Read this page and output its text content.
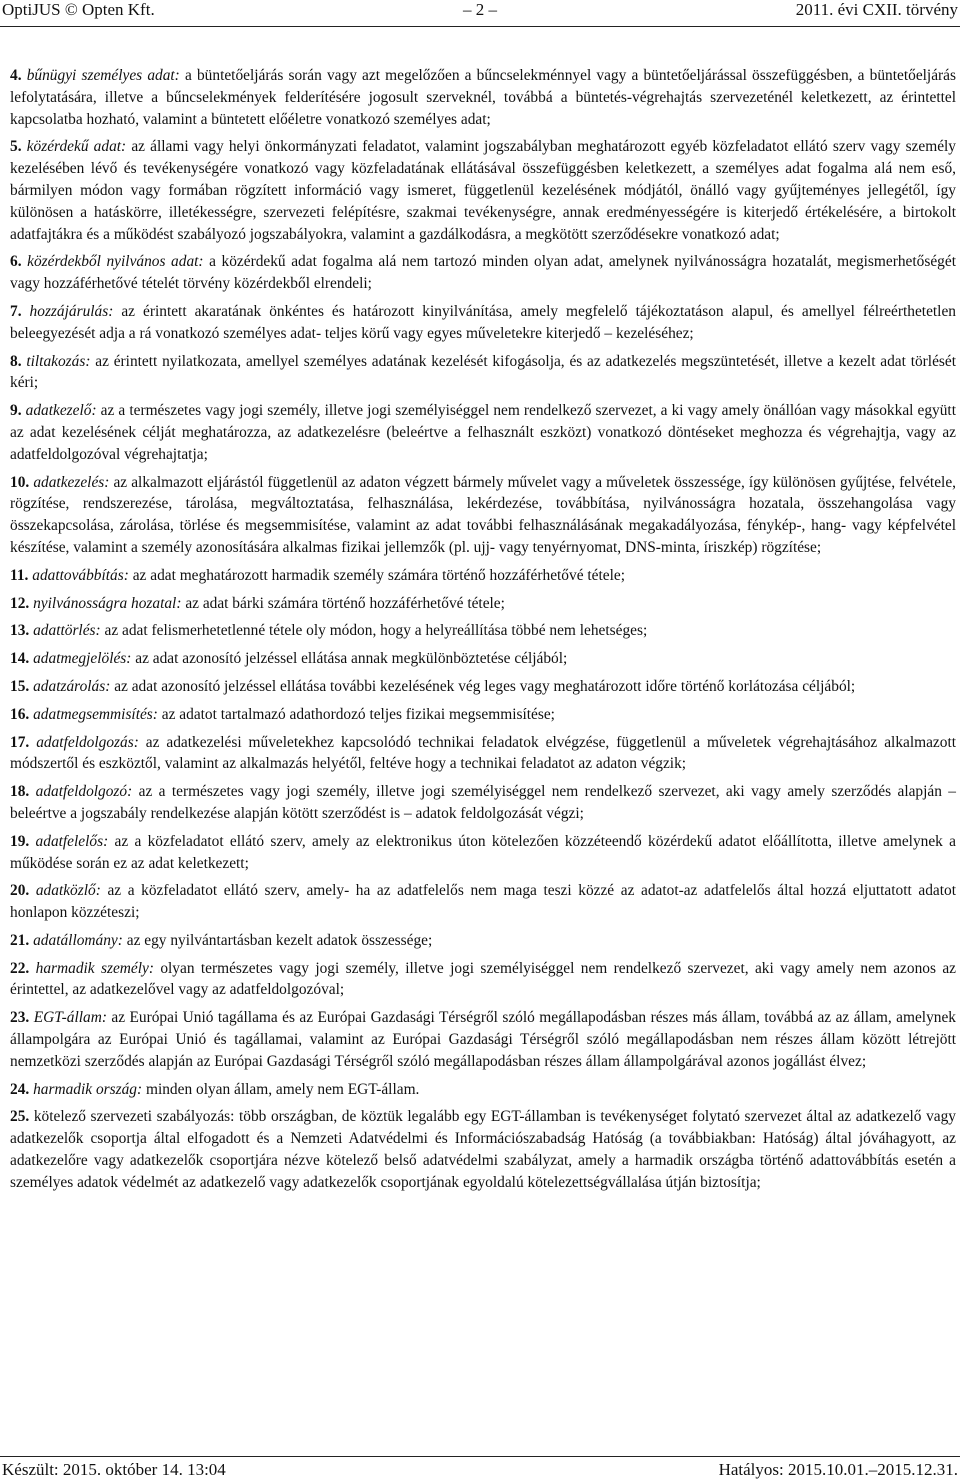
OptiJUS © Opten Kft.	– 2 –	2011. évi CXII. törvény

4. bűnügyi személyes adat: a büntetőeljárás során vagy azt megelőzően a bűncselekménnyel vagy a büntetőeljárással összefüggésben, a büntetőeljárás lefolytatására, illetve a bűncselekmények felderítésére jogosult szerveknél, továbbá a büntetés-végrehajtás szervezeténél keletkezett, az érintettel kapcsolatba hozható, valamint a büntetett előéletre vonatkozó személyes adat;

5. közérdekű adat: az állami vagy helyi önkormányzati feladatot, valamint jogszabályban meghatározott egyéb közfeladatot ellátó szerv vagy személy kezelésében lévő és tevékenységére vonatkozó vagy közfeladatának ellátásával összefüggésben keletkezett, a személyes adat fogalma alá nem eső, bármilyen módon vagy formában rögzített információ vagy ismeret, függetlenül kezelésének módjától, önálló vagy gyűjteményes jellegétől, így különösen a hatáskörre, illetékességre, szervezeti felépítésre, szakmai tevékenységre, annak eredményességére is kiterjedő értékelésére, a birtokolt adatfajtákra és a működést szabályozó jogszabályokra, valamint a gazdálkodásra, a megkötött szerződésekre vonatkozó adat;

6. közérdekből nyilvános adat: a közérdekű adat fogalma alá nem tartozó minden olyan adat, amelynek nyilvánosságra hozatalát, megismerhetőségét vagy hozzáférhetővé tételét törvény közérdekből elrendeli;

7. hozzájárulás: az érintett akaratának önkéntes és határozott kinyilvánítása, amely megfelelő tájékoztatáson alapul, és amellyel félreérthetetlen beleegyezését adja a rá vonatkozó személyes adat- teljes körű vagy egyes műveletekre kiterjedő – kezeléséhez;

8. tiltakozás: az érintett nyilatkozata, amellyel személyes adatának kezelését kifogásolja, és az adatkezelés megszüntetését, illetve a kezelt adat törlését kéri;

9. adatkezelő: az a természetes vagy jogi személy, illetve jogi személyiséggel nem rendelkező szervezet, a ki vagy amely önállóan vagy másokkal együtt az adat kezelésének célját meghatározza, az adatkezelésre (beleértve a felhasznált eszközt) vonatkozó döntéseket meghozza és végrehajtja, vagy az adatfeldolgozóval végrehajtatja;

10. adatkezelés: az alkalmazott eljárástól függetlenül az adaton végzett bármely művelet vagy a műveletek összessége, így különösen gyűjtése, felvétele, rögzítése, rendszerezése, tárolása, megváltoztatása, felhasználása, lekérdezése, továbbítása, nyilvánosságra hozatala, összehangolása vagy összekapcsolása, zárolása, törlése és megsemmisítése, valamint az adat további felhasználásának megakadályozása, fénykép-, hang- vagy képfelvétel készítése, valamint a személy azonosítására alkalmas fizikai jellemzők (pl. ujj- vagy tenyérnyomat, DNS-minta, íriszkép) rögzítése;

11. adattovábbítás: az adat meghatározott harmadik személy számára történő hozzáférhetővé tétele;

12. nyilvánosságra hozatal: az adat bárki számára történő hozzáférhetővé tétele;

13. adattörlés: az adat felismerhetetlenné tétele oly módon, hogy a helyreállítása többé nem lehetséges;

14. adatmegjelölés: az adat azonosító jelzéssel ellátása annak megkülönböztetése céljából;

15. adatzárolás: az adat azonosító jelzéssel ellátása további kezelésének vég leges vagy meghatározott időre történő korlátozása céljából;

16. adatmegsemmisítés: az adatot tartalmazó adathordozó teljes fizikai megsemmisítése;

17. adatfeldolgozás: az adatkezelési műveletekhez kapcsolódó technikai feladatok elvégzése, függetlenül a műveletek végrehajtásához alkalmazott módszertől és eszköztől, valamint az alkalmazás helyétől, feltéve hogy a technikai feladatot az adaton végzik;

18. adatfeldolgozó: az a természetes vagy jogi személy, illetve jogi személyiséggel nem rendelkező szervezet, aki vagy amely szerződés alapján – beleértve a jogszabály rendelkezése alapján kötött szerződést is – adatok feldolgozását végzi;

19. adatfelelős: az a közfeladatot ellátó szerv, amely az elektronikus úton kötelezően közzéteendő közérdekű adatot előállította, illetve amelynek a működése során ez az adat keletkezett;

20. adatközlő: az a közfeladatot ellátó szerv, amely- ha az adatfelelős nem maga teszi közzé az adatot-az adatfelelős által hozzá eljuttatott adatot honlapon közzéteszi;

21. adatállomány: az egy nyilvántartásban kezelt adatok összessége;

22. harmadik személy: olyan természetes vagy jogi személy, illetve jogi személyiséggel nem rendelkező szervezet, aki vagy amely nem azonos az érintettel, az adatkezelővel vagy az adatfeldolgozóval;

23. EGT-állam: az Európai Unió tagállama és az Európai Gazdasági Térségről szóló megállapodásban részes más állam, továbbá az az állam, amelynek állampolgára az Európai Unió és tagállamai, valamint az Európai Gazdasági Térségről szóló megállapodásban nem részes állam között létrejött nemzetközi szerződés alapján az Európai Gazdasági Térségről szóló megállapodásban részes állam állampolgárával azonos jogállást élvez;

24. harmadik ország: minden olyan állam, amely nem EGT-állam.

25. kötelező szervezeti szabályozás: több országban, de köztük legalább egy EGT-államban is tevékenységet folytató szervezet által az adatkezelő vagy adatkezelők csoportja által elfogadott és a Nemzeti Adatvédelmi és Információszabadság Hatóság (a továbbiakban: Hatóság) által jóváhagyott, az adatkezelőre vagy adatkezelők csoportjára nézve kötelező belső adatvédelmi szabályzat, amely a harmadik országba történő adattovábbítás esetén a személyes adatok védelmét az adatkezelő vagy adatkezelők csoportjának egyoldalú kötelezettségvállalása útján biztosítja;

Készült: 2015. október 14. 13:04	Hatályos: 2015.10.01.–2015.12.31.
